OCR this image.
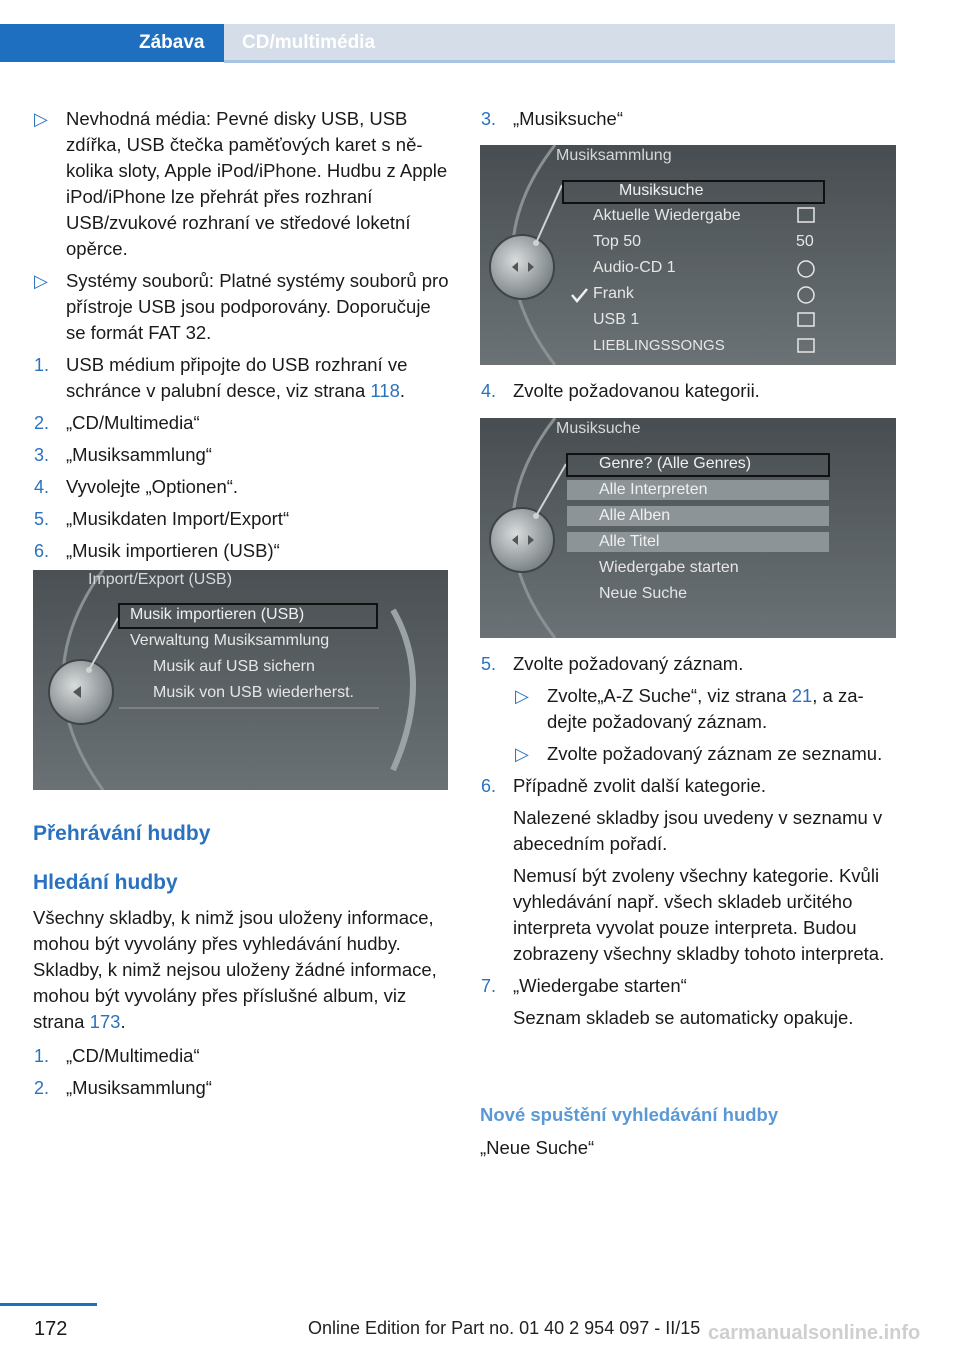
Zábava CD/multimédia
▷ Nevhodná média: Pevné disky USB, USB zdířka, USB čtečka paměťových karet s několika sloty, Apple iPod/iPhone. Hudbu z Apple iPod/iPhone lze přehrát přes rozhraní USB/zvukové rozhraní ve středové loketní opěrce.
▷ Systémy souborů: Platné systémy souborů pro přístroje USB jsou podporovány. Doporučuje se formát FAT 32.
1. USB médium připojte do USB rozhraní ve schránce v palubní desce, viz strana 118.
2. „CD/Multimedia“
3. „Musiksammlung“
4. Vyvolejte „Optionen“.
5. „Musikdaten Import/Export“
6. „Musik importieren (USB)“
Import/Export (USB)
Musik importieren (USB)
Verwaltung Musiksammlung
Musik auf USB sichern
Musik von USB wiederherst.
Přehrávání hudby
Hledání hudby
Všechny skladby, k nimž jsou uloženy informace, mohou být vyvolány přes vyhledávání hudby. Skladby, k nimž nejsou uloženy žádné informace, mohou být vyvolány přes příslušné album, viz strana 173.
1. „CD/Multimedia“
2. „Musiksammlung“
3. „Musiksuche“
Musiksammlung
Musiksuche
Aktuelle Wiedergabe
Top 50	50
Audio-CD 1
Frank
USB 1
LIEBLINGSSONGS
4. Zvolte požadovanou kategorii.
Musiksuche
Genre? (Alle Genres)
Alle Interpreten
Alle Alben
Alle Titel
Wiedergabe starten
Neue Suche
5. Zvolte požadovaný záznam.
▷ Zvolte„A-Z Suche“, viz strana 21, a zadejte požadovaný záznam.
▷ Zvolte požadovaný záznam ze seznamu.
6. Případně zvolit další kategorie.
Nalezené skladby jsou uvedeny v seznamu v abecedním pořadí.
Nemusí být zvoleny všechny kategorie. Kvůli vyhledávání např. všech skladeb určitého interpreta vyvolat pouze interpreta. Budou zobrazeny všechny skladby tohoto interpreta.
7. „Wiedergabe starten“
Seznam skladeb se automaticky opakuje.
Nové spuštění vyhledávání hudby
„Neue Suche“
172	carmanualsonline.info
Online Edition for Part no. 01 40 2 954 097 - II/15
